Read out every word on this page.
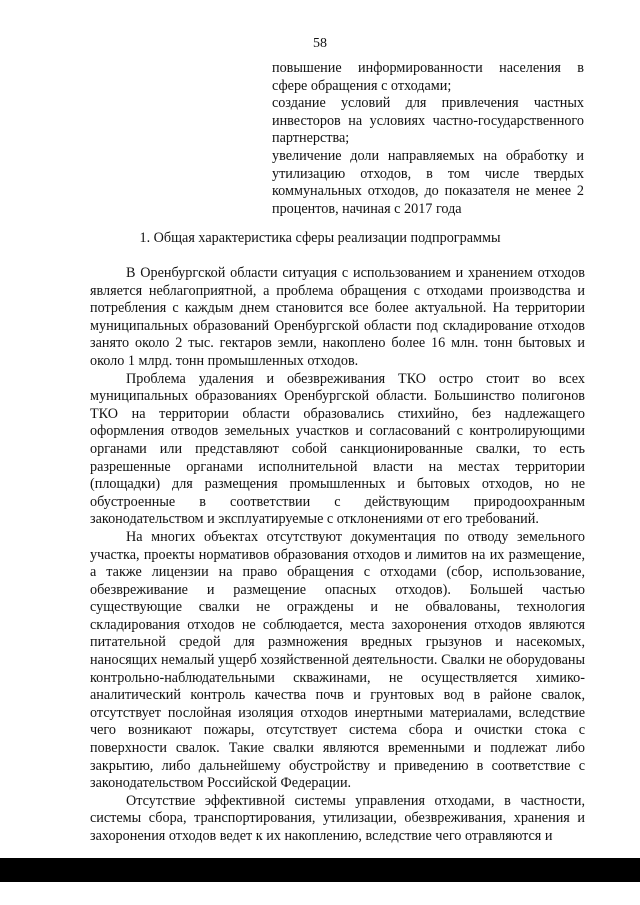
58

повышение информированности населения в сфере обращения с отходами;

создание условий для привлечения частных инвесторов на условиях частно-государственного партнерства;

увеличение доли направляемых на обработку и утилизацию отходов, в том числе твердых коммунальных отходов, до показателя не менее 2 процентов, начиная с 2017 года

1. Общая характеристика сферы реализации подпрограммы

В Оренбургской области ситуация с использованием и хранением отходов является неблагоприятной, а проблема обращения с отходами производства и потребления с каждым днем становится все более актуальной. На территории муниципальных образований Оренбургской области под складирование отходов занято около 2 тыс. гектаров земли, накоплено более 16 млн. тонн бытовых и около 1 млрд. тонн промышленных отходов.

Проблема удаления и обезвреживания ТКО остро стоит во всех муниципальных образованиях Оренбургской области. Большинство полигонов ТКО на территории области образовались стихийно, без надлежащего оформления отводов земельных участков и согласований с контролирующими органами или представляют собой санкционированные свалки, то есть разрешенные органами исполнительной власти на местах территории (площадки) для размещения промышленных и бытовых отходов, но не обустроенные в соответствии с действующим природоохранным законодательством и эксплуатируемые с отклонениями от его требований.

На многих объектах отсутствуют документация по отводу земельного участка, проекты нормативов образования отходов и лимитов на их размещение, а также лицензии на право обращения с отходами (сбор, использование, обезвреживание и размещение опасных отходов). Большей частью существующие свалки не ограждены и не обвалованы, технология складирования отходов не соблюдается, места захоронения отходов являются питательной средой для размножения вредных грызунов и насекомых, наносящих немалый ущерб хозяйственной деятельности. Свалки не оборудованы контрольно-наблюдательными скважинами, не осуществляется химико-аналитический контроль качества почв и грунтовых вод в районе свалок, отсутствует послойная изоляция отходов инертными материалами, вследствие чего возникают пожары, отсутствует система сбора и очистки стока с поверхности свалок. Такие свалки являются временными и подлежат либо закрытию, либо дальнейшему обустройству и приведению в соответствие с законодательством Российской Федерации.

Отсутствие эффективной системы управления отходами, в частности, системы сбора, транспортирования, утилизации, обезвреживания, хранения и захоронения отходов ведет к их накоплению, вследствие чего отравляются и
